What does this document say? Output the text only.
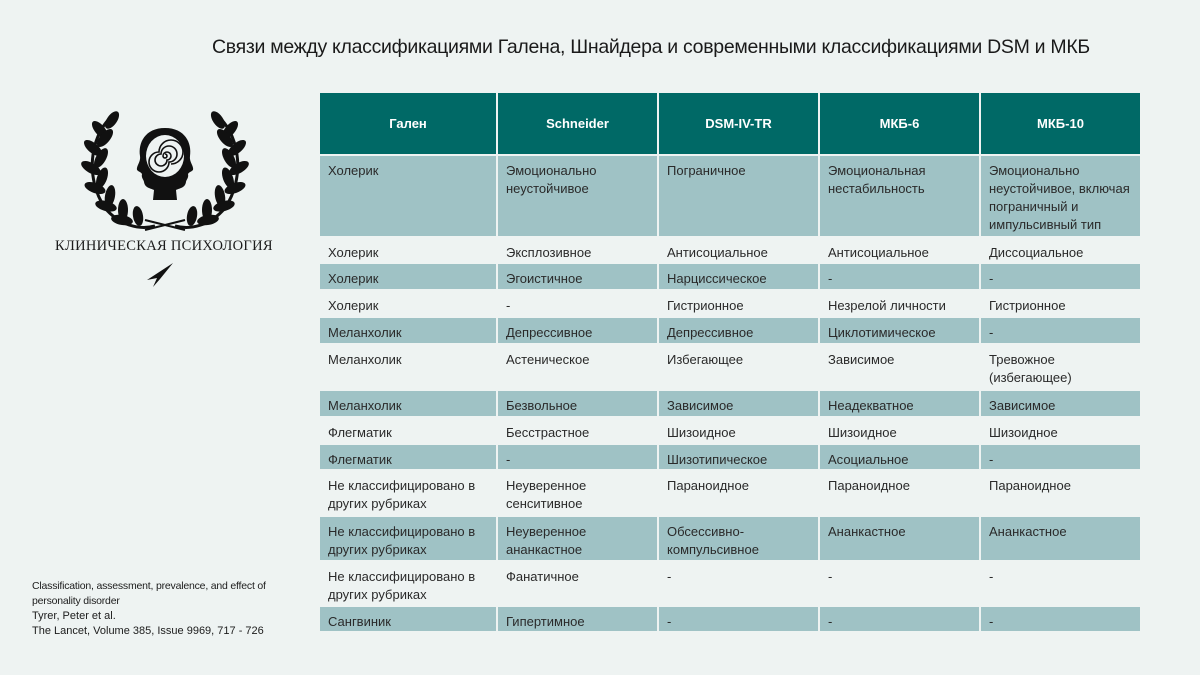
Связи между классификациями Галена, Шнайдера и современными классификациями DSM и МКБ
КЛИНИЧЕСКАЯ ПСИХОЛОГИЯ
Classification, assessment, prevalence, and effect of
personality disorder
Tyrer, Peter et al.
The Lancet, Volume 385, Issue 9969, 717 - 726
Гален	Schneider	DSM-IV-TR	МКБ-6	МКБ-10
Холерик	Эмоционально неустойчивое	Пограничное	Эмоциональная нестабильность	Эмоционально неустойчивое, включая пограничный и импульсивный тип
Холерик	Эксплозивное	Антисоциальное	Антисоциальное	Диссоциальное
Холерик	Эгоистичное	Нарциссическое	-	-
Холерик	-	Гистрионное	Незрелой личности	Гистрионное
Меланхолик	Депрессивное	Депрессивное	Циклотимическое	-
Меланхолик	Астеническое	Избегающее	Зависимое	Тревожное (избегающее)
Меланхолик	Безвольное	Зависимое	Неадекватное	Зависимое
Флегматик	Бесстрастное	Шизоидное	Шизоидное	Шизоидное
Флегматик	-	Шизотипическое	Асоциальное	-
Не классифицировано в других рубриках	Неуверенное сенситивное	Параноидное	Параноидное	Параноидное
Не классифицировано в других рубриках	Неуверенное ананкастное	Обсессивно-компульсивное	Ананкастное	Ананкастное
Не классифицировано в других рубриках	Фанатичное	-	-	-
Сангвиник	Гипертимное	-	-	-
